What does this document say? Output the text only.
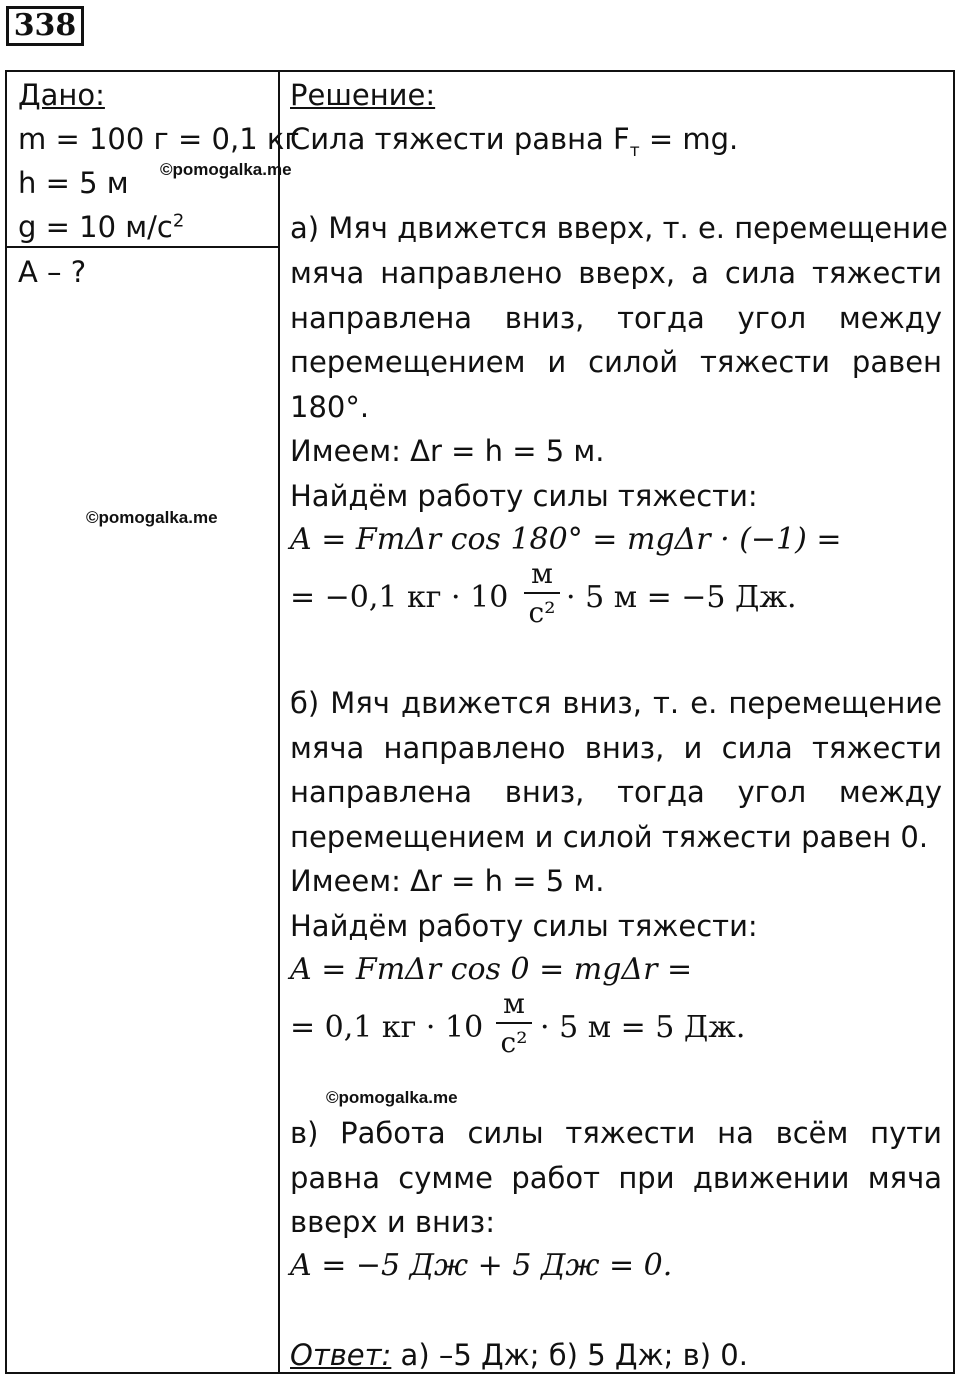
338
Дано:
m = 100 г = 0,1 кг
h = 5 м
g = 10 $м/с^2$
A – ?
©pomogalka.me
©pomogalka.me
©pomogalka.me
Решение:
Сила тяжести равна $F_т$ = mg.
а) Мяч движется вверх, т. е. перемещение
мяча направлено вверх, а сила тяжести
направлена вниз, тогда угол между
перемещением и силой тяжести равен
180°.
Имеем: Δr = h = 5 м.
Найдём работу силы тяжести:
A = FтΔr cos 180° = mgΔr · (−1) =
= −0,1 кг · 10
м
с² · 5 м = −5 Дж.
б) Мяч движется вниз, т. е. перемещение
мяча направлено вниз, и сила тяжести
направлена вниз, тогда угол между
перемещением и силой тяжести равен 0.
Имеем: Δr = h = 5 м.
Найдём работу силы тяжести:
A = FтΔr cos 0 = mgΔr =
= 0,1 кг · 10
м
с² · 5 м = 5 Дж.
в) Работа силы тяжести на всём пути
равна сумме работ при движении мяча
вверх и вниз:
A = −5 Дж + 5 Дж = 0.
Ответ: а) –5 Дж; б) 5 Дж; в) 0.
